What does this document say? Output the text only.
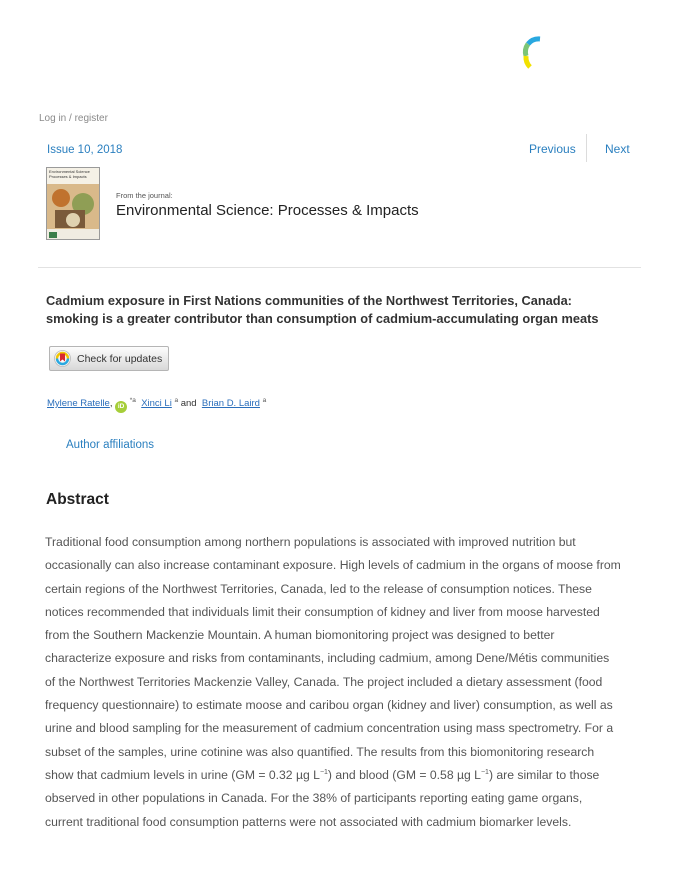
Log in / register
Issue 10, 2018	Previous Next
Environmental Science Processes & Impacts
From the journal:
Environmental Science: Processes & Impacts
Cadmium exposure in First Nations communities of the Northwest Territories, Canada:
smoking is a greater contributor than consumption of cadmium-accumulating organ meats
Check for updates
Mylene Ratelle, iD $^{*a}$ Xinci Li $^a$ and Brian D. Laird $^a$
Author affiliations
Abstract
Traditional food consumption among northern populations is associated with improved nutrition but
occasionally can also increase contaminant exposure. High levels of cadmium in the organs of moose from
certain regions of the Northwest Territories, Canada, led to the release of consumption notices. These
notices recommended that individuals limit their consumption of kidney and liver from moose harvested
from the Southern Mackenzie Mountain. A human biomonitoring project was designed to better
characterize exposure and risks from contaminants, including cadmium, among Dene/Métis communities
of the Northwest Territories Mackenzie Valley, Canada. The project included a dietary assessment (food
frequency questionnaire) to estimate moose and caribou organ (kidney and liver) consumption, as well as
urine and blood sampling for the measurement of cadmium concentration using mass spectrometry. For a
subset of the samples, urine cotinine was also quantified. The results from this biomonitoring research
show that cadmium levels in urine (GM = 0.32 µg $L^{-1}$) and blood (GM = 0.58 µg $L^{-1}$) are similar to those
observed in other populations in Canada. For the 38% of participants reporting eating game organs,
current traditional food consumption patterns were not associated with cadmium biomarker levels.
